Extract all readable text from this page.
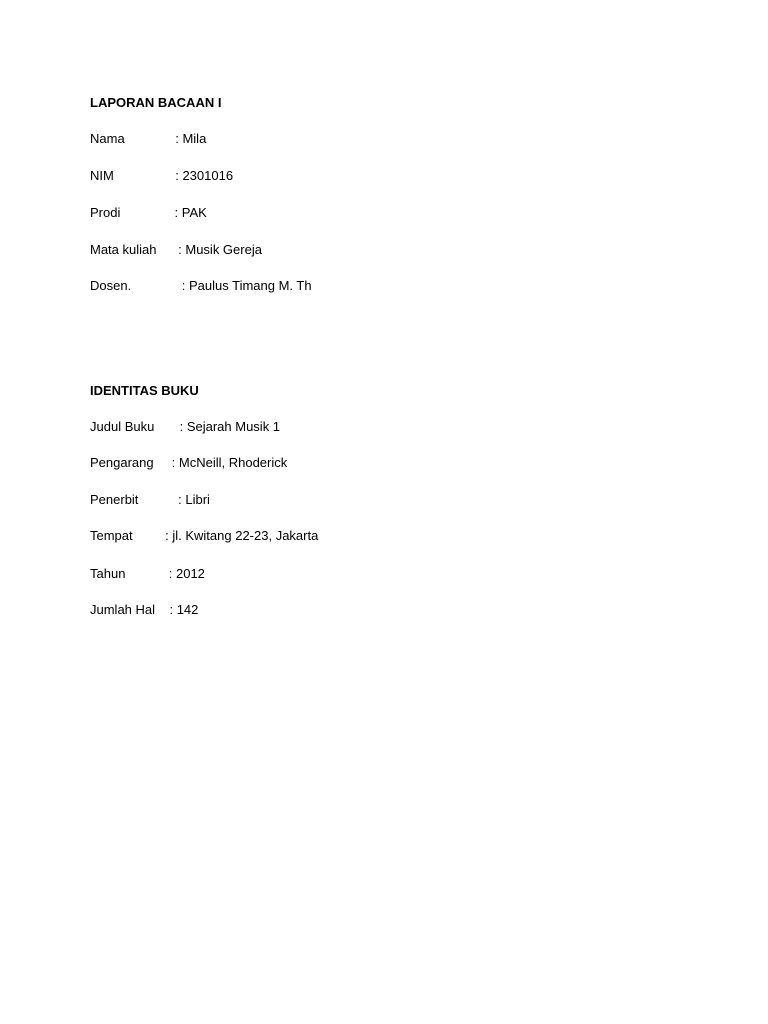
LAPORAN BACAAN I
Nama              : Mila
NIM                 : 2301016
Prodi               : PAK
Mata kuliah      : Musik Gereja
Dosen.              : Paulus Timang M. Th
IDENTITAS BUKU
Judul Buku       : Sejarah Musik 1
Pengarang     : McNeill, Rhoderick
Penerbit           : Libri
Tempat         : jl. Kwitang 22-23, Jakarta
Tahun            : 2012
Jumlah Hal    : 142
